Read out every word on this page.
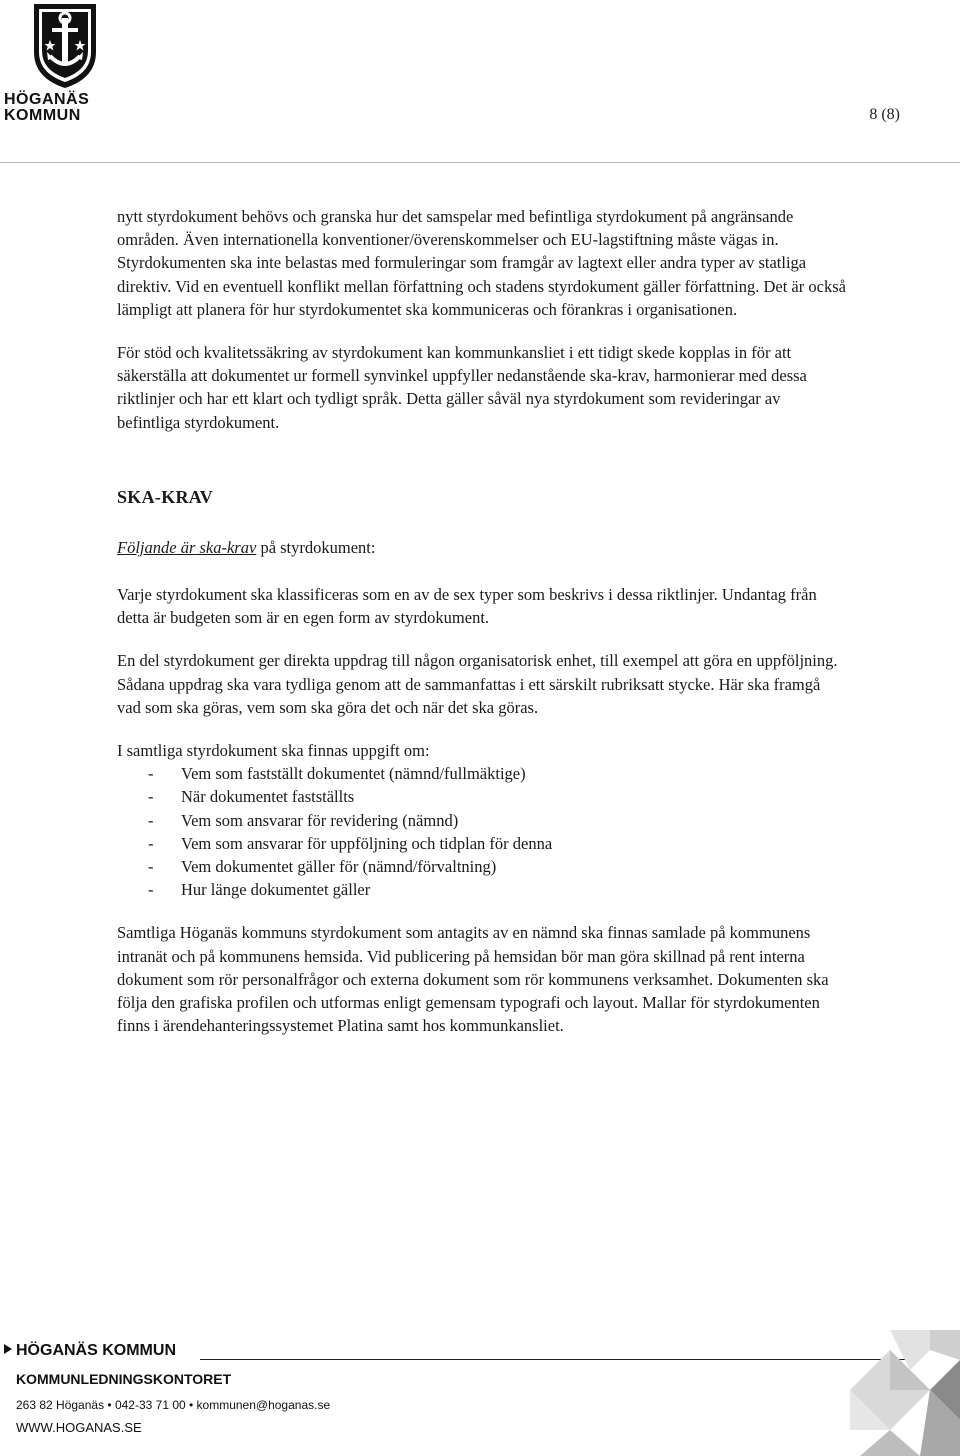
HÖGANÄS
KOMMUN	8 (8)

nytt styrdokument behövs och granska hur det samspelar med befintliga styrdokument på angränsande områden. Även internationella konventioner/överenskommelser och EU-lagstiftning måste vägas in. Styrdokumenten ska inte belastas med formuleringar som framgår av lagtext eller andra typer av statliga direktiv. Vid en eventuell konflikt mellan författning och stadens styrdokument gäller författning. Det är också lämpligt att planera för hur styrdokumentet ska kommuniceras och förankras i organisationen.

För stöd och kvalitetssäkring av styrdokument kan kommunkansliet i ett tidigt skede kopplas in för att säkerställa att dokumentet ur formell synvinkel uppfyller nedanstående ska-krav, harmonierar med dessa riktlinjer och har ett klart och tydligt språk. Detta gäller såväl nya styrdokument som revideringar av befintliga styrdokument.

SKA-KRAV
Följande är ska-krav på styrdokument:

Varje styrdokument ska klassificeras som en av de sex typer som beskrivs i dessa riktlinjer. Undantag från detta är budgeten som är en egen form av styrdokument.

En del styrdokument ger direkta uppdrag till någon organisatorisk enhet, till exempel att göra en uppföljning. Sådana uppdrag ska vara tydliga genom att de sammanfattas i ett särskilt rubriksatt stycke. Här ska framgå vad som ska göras, vem som ska göra det och när det ska göras.

I samtliga styrdokument ska finnas uppgift om:
-	Vem som fastställt dokumentet (nämnd/fullmäktige)
-	När dokumentet fastställts
-	Vem som ansvarar för revidering (nämnd)
-	Vem som ansvarar för uppföljning och tidplan för denna
-	Vem dokumentet gäller för (nämnd/förvaltning)
-	Hur länge dokumentet gäller

Samtliga Höganäs kommuns styrdokument som antagits av en nämnd ska finnas samlade på kommunens intranät och på kommunens hemsida. Vid publicering på hemsidan bör man göra skillnad på rent interna dokument som rör personalfrågor och externa dokument som rör kommunens verksamhet. Dokumenten ska följa den grafiska profilen och utformas enligt gemensam typografi och layout. Mallar för styrdokumenten finns i ärendehanteringssystemet Platina samt hos kommunkansliet.

HÖGANÄS KOMMUN
KOMMUNLEDNINGSKONTORET
263 82 Höganäs • 042-33 71 00 • kommunen@hoganas.se
WWW.HOGANAS.SE
